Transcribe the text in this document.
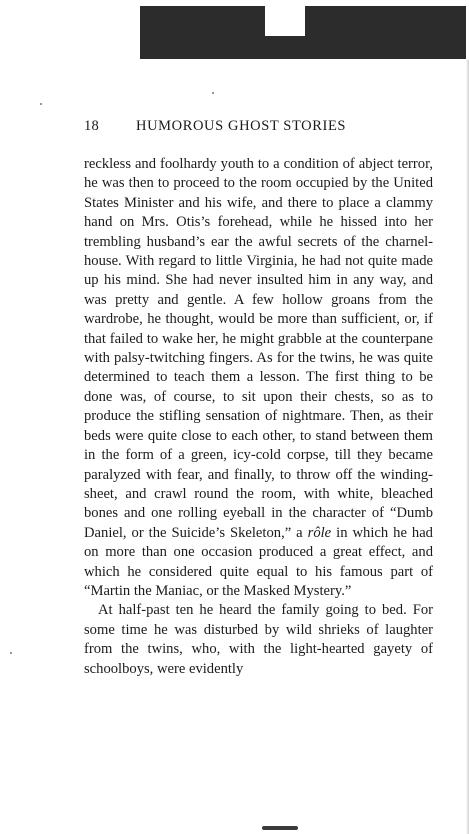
18	HUMOROUS GHOST STORIES

reckless and foolhardy youth to a condition of abject terror, he was then to proceed to the room occupied by the United States Minister and his wife, and there to place a clammy hand on Mrs. Otis’s forehead, while he hissed into her trembling husband’s ear the awful secrets of the charnel-house. With regard to little Virginia, he had not quite made up his mind. She had never insulted him in any way, and was pretty and gentle. A few hollow groans from the wardrobe, he thought, would be more than sufficient, or, if that failed to wake her, he might grabble at the counterpane with palsy-twitching fingers. As for the twins, he was quite determined to teach them a lesson. The first thing to be done was, of course, to sit upon their chests, so as to produce the stifling sensation of nightmare. Then, as their beds were quite close to each other, to stand between them in the form of a green, icy-cold corpse, till they became paralyzed with fear, and finally, to throw off the winding-sheet, and crawl round the room, with white, bleached bones and one rolling eyeball in the character of “Dumb Daniel, or the Suicide’s Skeleton,” a rôle in which he had on more than one occasion produced a great effect, and which he considered quite equal to his famous part of “Martin the Maniac, or the Masked Mystery.”

At half-past ten he heard the family going to bed. For some time he was disturbed by wild shrieks of laughter from the twins, who, with the light-hearted gayety of schoolboys, were evidently
